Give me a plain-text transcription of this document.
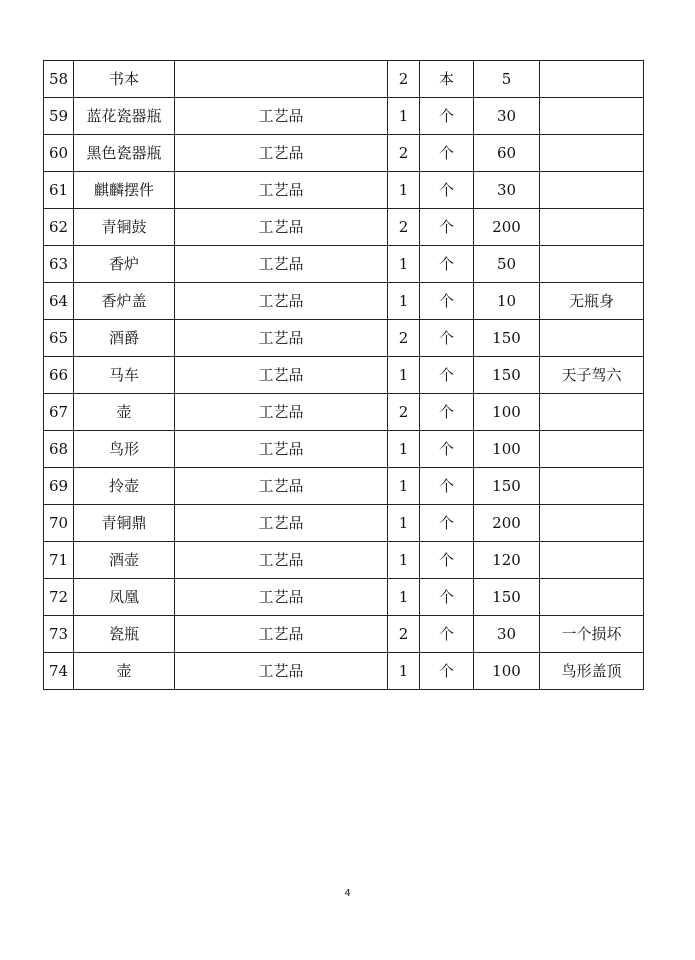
58	书本		2	本	5	
59	蓝花瓷器瓶	工艺品	1	个	30	
60	黑色瓷器瓶	工艺品	2	个	60	
61	麒麟摆件	工艺品	1	个	30	
62	青铜鼓	工艺品	2	个	200	
63	香炉	工艺品	1	个	50	
64	香炉盖	工艺品	1	个	10	无瓶身
65	酒爵	工艺品	2	个	150	
66	马车	工艺品	1	个	150	天子驾六
67	壶	工艺品	2	个	100	
68	鸟形	工艺品	1	个	100	
69	拎壶	工艺品	1	个	150	
70	青铜鼎	工艺品	1	个	200	
71	酒壶	工艺品	1	个	120	
72	凤凰	工艺品	1	个	150	
73	瓷瓶	工艺品	2	个	30	一个损坏
74	壶	工艺品	1	个	100	鸟形盖顶
4
